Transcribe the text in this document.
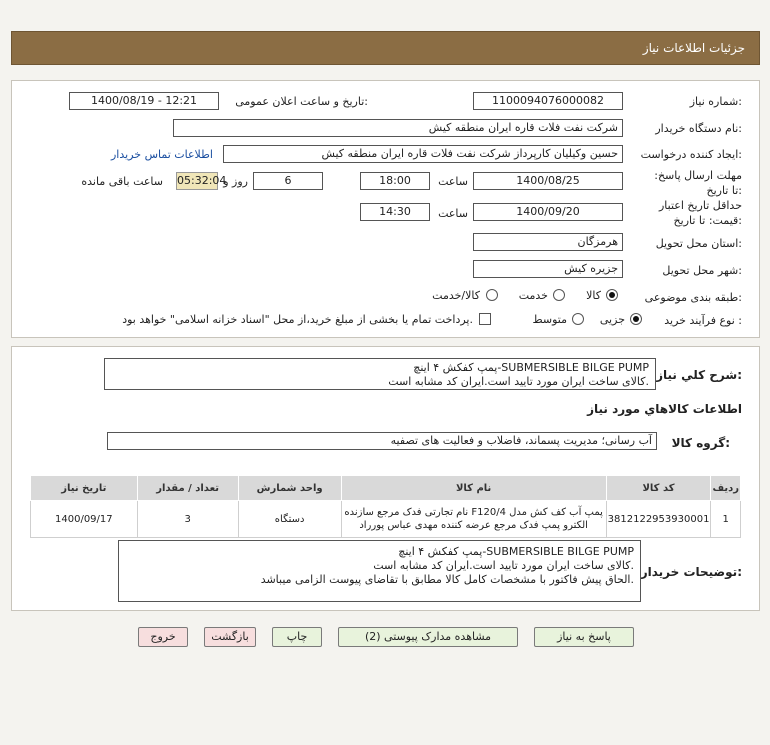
جزئیات اطلاعات نیاز
شماره نیاز:
1100094076000082
تاریخ و ساعت اعلان عمومی:
1400/08/19 - 12:21
نام دستگاه خریدار:
شرکت نفت فلات قاره ایران منطقه کیش
ایجاد کننده درخواست:
حسین وکیلیان کارپرداز شرکت نفت فلات قاره ایران منطقه کیش
اطلاعات تماس خریدار
مهلت ارسال پاسخ: تا تاریخ:
1400/08/25
ساعت
18:00
6
روز و
05:32:04
ساعت باقی مانده
حداقل تاریخ اعتبار قیمت: تا تاریخ:
1400/09/20
ساعت
14:30
استان محل تحویل:
هرمزگان
شهر محل تحویل:
جزیره کیش
طبقه بندی موضوعی:
کالا
خدمت
کالا/خدمت
نوع فرآیند خرید :
جزیی
متوسط
پرداخت تمام یا بخشی از مبلغ خرید،از محل "اسناد خزانه اسلامی" خواهد بود.
شرح کلي نياز:
پمپ کفکش ۴ اینچ-SUBMERSIBLE BILGE PUMP
کالای ساخت ایران مورد تایید است.ایران کد مشابه است.
اطلاعات کالاهاي مورد نياز
گروه کالا:
آب رسانی؛ مدیریت پسماند، فاضلاب و فعالیت های تصفیه
ردیف	کد کالا	نام کالا	واحد شمارش	تعداد / مقدار	تاریخ نیاز
1	3812122953930001	پمپ آب کف کش مدل F120/4 نام تجارتی فدک مرجع سازنده
الکترو پمپ فدک مرجع عرضه کننده مهدی عباس پورراد	دستگاه	3	1400/09/17
توضیحات خریدار:
پمپ کفکش ۴ اینچ-SUBMERSIBLE BILGE PUMP
کالای ساخت ایران مورد تایید است.ایران کد مشابه است.
الحاق پیش فاکتور با مشخصات کامل کالا مطابق با تقاضای پیوست الزامی میباشد.
پاسخ به نیاز
مشاهده مدارک پیوستی (2)
چاپ
بازگشت
خروج
